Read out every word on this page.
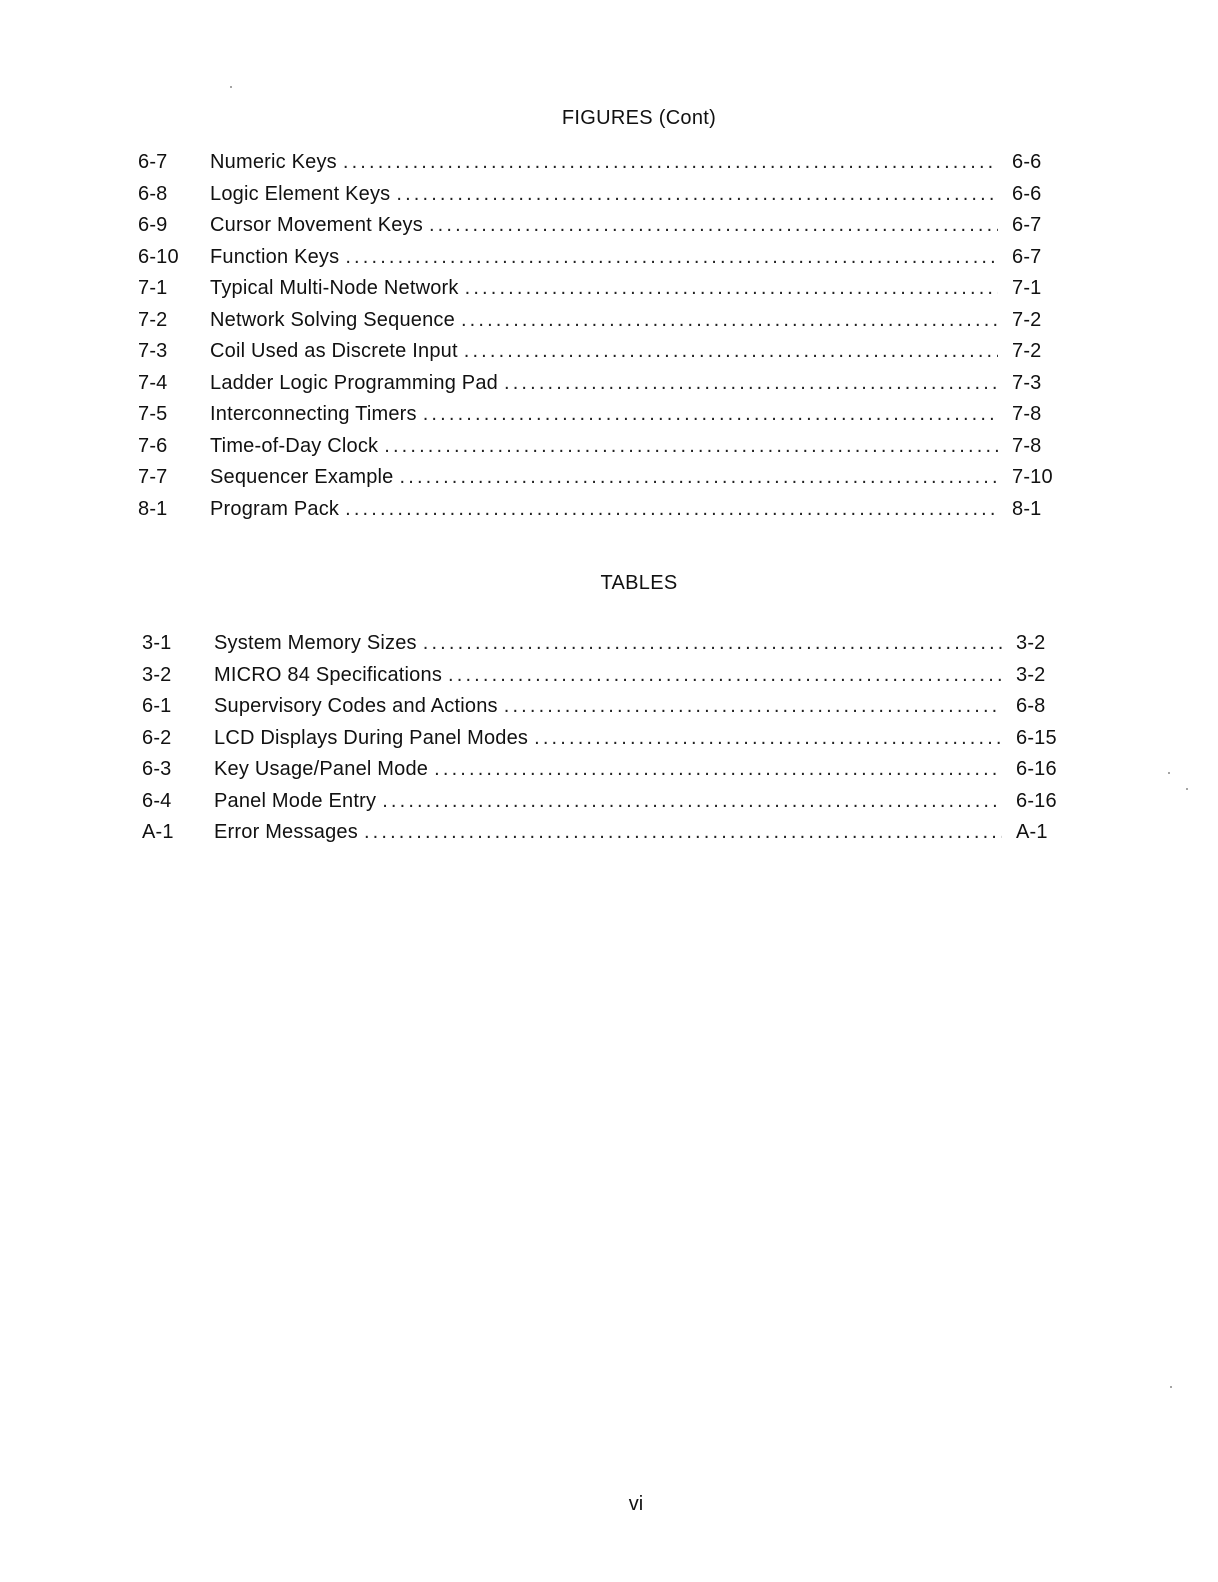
FIGURES (Cont)
6-7	Numeric Keys . . .	6-6
6-8	Logic Element Keys . . .	6-6
6-9	Cursor Movement Keys . . .	6-7
6-10	Function Keys . . .	6-7
7-1	Typical Multi-Node Network . . .	7-1
7-2	Network Solving Sequence . . .	7-2
7-3	Coil Used as Discrete Input . . .	7-2
7-4	Ladder Logic Programming Pad . . .	7-3
7-5	Interconnecting Timers . . .	7-8
7-6	Time-of-Day Clock . . .	7-8
7-7	Sequencer Example . . .	7-10
8-1	Program Pack . . .	8-1
TABLES
3-1	System Memory Sizes . . .	3-2
3-2	MICRO 84 Specifications . . .	3-2
6-1	Supervisory Codes and Actions . . .	6-8
6-2	LCD Displays During Panel Modes . . .	6-15
6-3	Key Usage/Panel Mode . . .	6-16
6-4	Panel Mode Entry . . .	6-16
A-1	Error Messages . . .	A-1
vi
